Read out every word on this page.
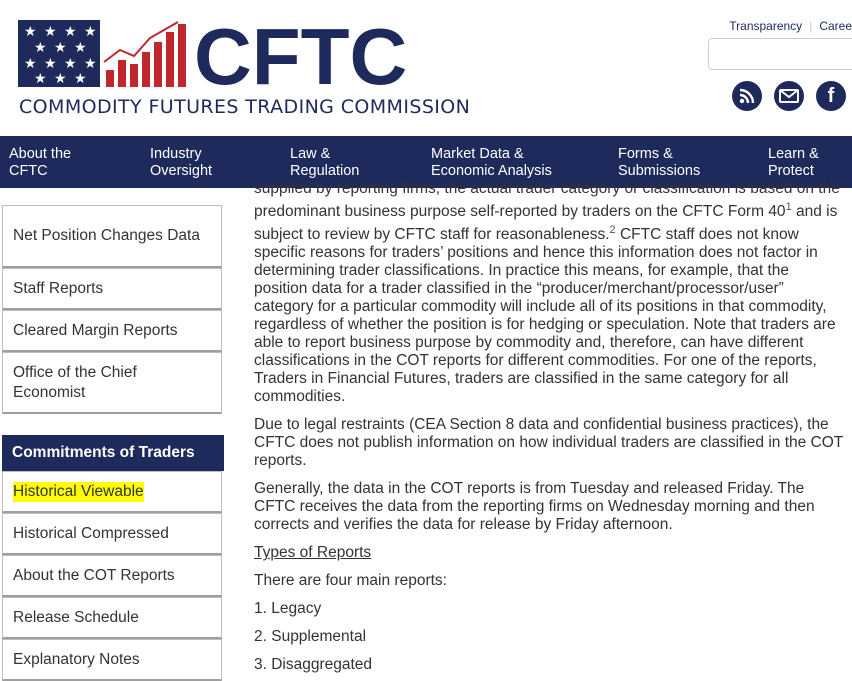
★ ★ ★ ★
★ ★ ★
★ ★ ★ ★
★ ★ ★ CFTC
COMMODITY FUTURES TRADING COMMISSION
Transparency | Caree
f
About the
CFTC
Industry
Oversight
Law &
Regulation
Market Data &
Economic Analysis
Forms &
Submissions
Learn &
Protect
Net Position Changes Data
Staff Reports
Cleared Margin Reports
Office of the Chief Economist
Commitments of Traders
Historical Viewable
Historical Compressed
About the COT Reports
Release Schedule
Explanatory Notes

supplied by reporting firms, the actual trader category or classification is based on the predominant business purpose self-reported by traders on the CFTC Form $40^1$ and is subject to review by CFTC staff for reasonableness.$^2$ CFTC staff does not know specific reasons for traders’ positions and hence this information does not factor in determining trader classifications. In practice this means, for example, that the position data for a trader classified in the “producer/merchant/processor/user” category for a particular commodity will include all of its positions in that commodity, regardless of whether the position is for hedging or speculation. Note that traders are able to report business purpose by commodity and, therefore, can have different classifications in the COT reports for different commodities. For one of the reports, Traders in Financial Futures, traders are classified in the same category for all commodities.

Due to legal restraints (CEA Section 8 data and confidential business practices), the CFTC does not publish information on how individual traders are classified in the COT reports.

Generally, the data in the COT reports is from Tuesday and released Friday. The CFTC receives the data from the reporting firms on Wednesday morning and then corrects and verifies the data for release by Friday afternoon.

Types of Reports

There are four main reports:

1. Legacy

2. Supplemental

3. Disaggregated
